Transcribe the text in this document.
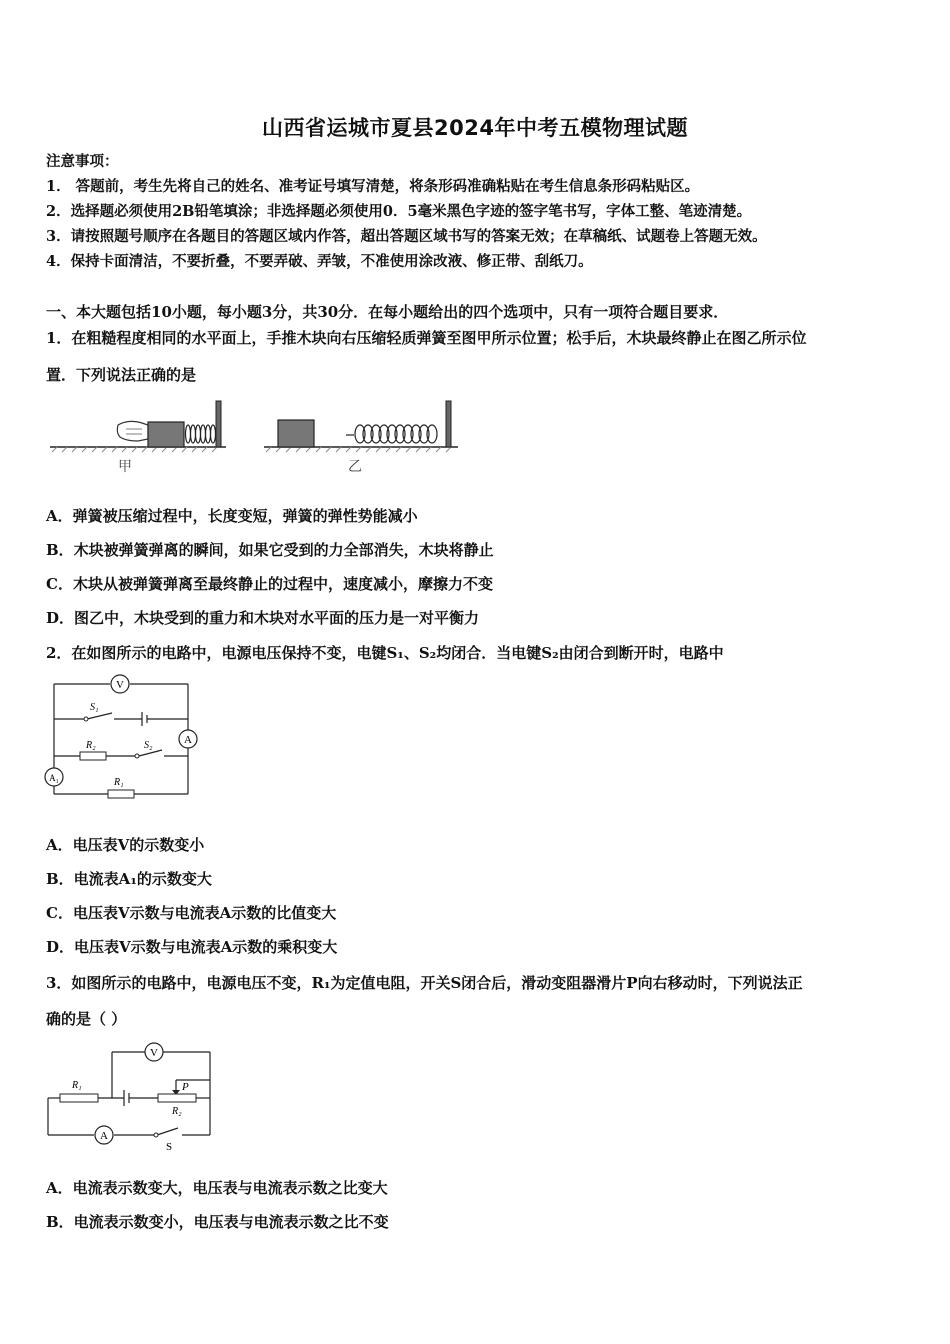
山西省运城市夏县2024年中考五模物理试题
注意事项：
1． 答题前，考生先将自己的姓名、准考证号填写清楚，将条形码准确粘贴在考生信息条形码粘贴区。
2．选择题必须使用2B铅笔填涂；非选择题必须使用0．5毫米黑色字迹的签字笔书写，字体工整、笔迹清楚。
3．请按照题号顺序在各题目的答题区域内作答，超出答题区域书写的答案无效；在草稿纸、试题卷上答题无效。
4．保持卡面清洁，不要折叠，不要弄破、弄皱，不准使用涂改液、修正带、刮纸刀。
一、本大题包括10小题，每小题3分，共30分．在每小题给出的四个选项中，只有一项符合题目要求．
1．在粗糙程度相同的水平面上，手推木块向右压缩轻质弹簧至图甲所示位置；松手后，木块最终静止在图乙所示位
置．下列说法正确的是
甲	乙
A．弹簧被压缩过程中，长度变短，弹簧的弹性势能减小
B．木块被弹簧弹离的瞬间，如果它受到的力全部消失，木块将静止
C．木块从被弹簧弹离至最终静止的过程中，速度减小，摩擦力不变
D．图乙中，木块受到的重力和木块对水平面的压力是一对平衡力
2．在如图所示的电路中，电源电压保持不变，电键S₁、S₂均闭合．当电键S₂由闭合到断开时，电路中
V
A
A₁
S₁
S₂
R₂
R₁
A．电压表V的示数变小
B．电流表A₁的示数变大
C．电压表V示数与电流表A示数的比值变大
D．电压表V示数与电流表A示数的乘积变大
3．如图所示的电路中，电源电压不变，R₁为定值电阻，开关S闭合后，滑动变阻器滑片P向右移动时，下列说法正
确的是（ ）
V
A
R₁	P
R₂
S
A．电流表示数变大，电压表与电流表示数之比变大
B．电流表示数变小，电压表与电流表示数之比不变
